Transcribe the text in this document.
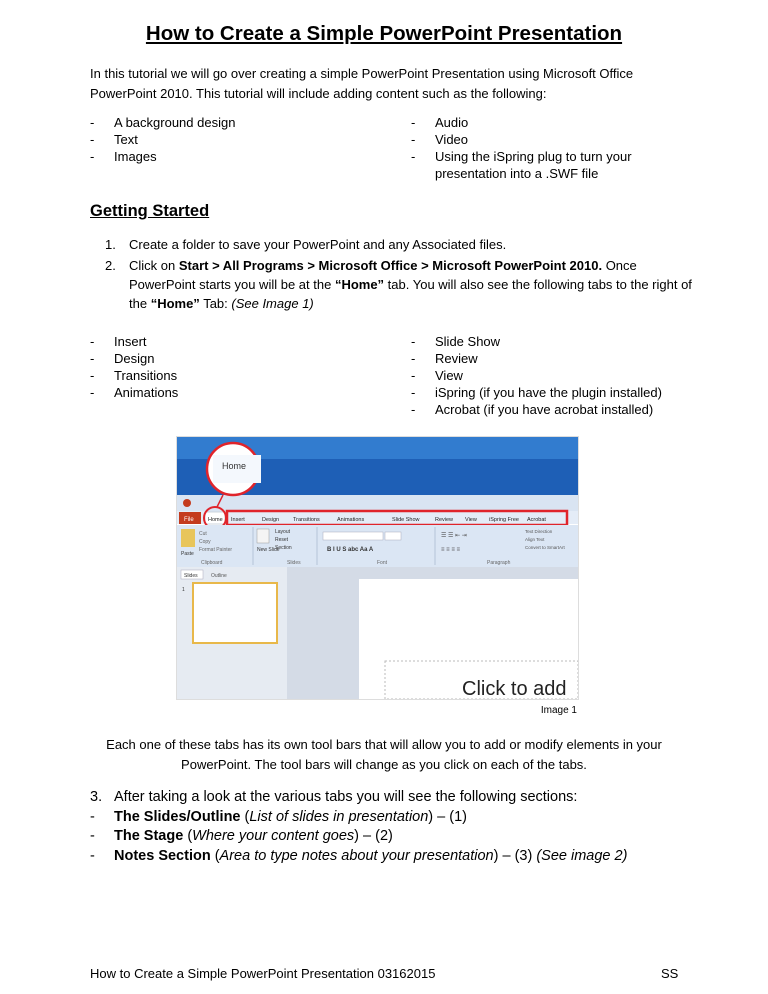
How to Create a Simple PowerPoint Presentation
In this tutorial we will go over creating a simple PowerPoint Presentation using Microsoft Office PowerPoint 2010. This tutorial will include adding content such as the following:
- A background design
- Text
- Images
- Audio
- Video
- Using the iSpring plug to turn your presentation into a .SWF file
Getting Started
1. Create a folder to save your PowerPoint and any Associated files.
2. Click on Start > All Programs > Microsoft Office > Microsoft PowerPoint 2010. Once PowerPoint starts you will be at the “Home” tab. You will also see the following tabs to the right of the “Home” Tab: (See Image 1)
- Insert
- Design
- Transitions
- Animations
- Slide Show
- Review
- View
- iSpring (if you have the plugin installed)
- Acrobat (if you have acrobat installed)
File	Home Insert	Design	Transitions	Animations	Slide Show	Review View iSpring Free Acrobat
Home
Paste
Cut
Copy
Format Painter
Clipboard
New Slide
Layout
Reset
Section
Slides
B I U S abc Aa A
Font
☰ ☰ ⇤ ⇥
≡ ≡ ≡ ≡
Paragraph
Text Direction
Align Text
Convert to SmartArt
Slides	Outline
1
Click to add
Image 1
Each one of these tabs has its own tool bars that will allow you to add or modify elements in your PowerPoint. The tool bars will change as you click on each of the tabs.
3. After taking a look at the various tabs you will see the following sections:
- The Slides/Outline (List of slides in presentation) – (1)
- The Stage (Where your content goes) – (2)
- Notes Section (Area to type notes about your presentation) – (3) (See image 2)
How to Create a Simple PowerPoint Presentation 03162015	SS
